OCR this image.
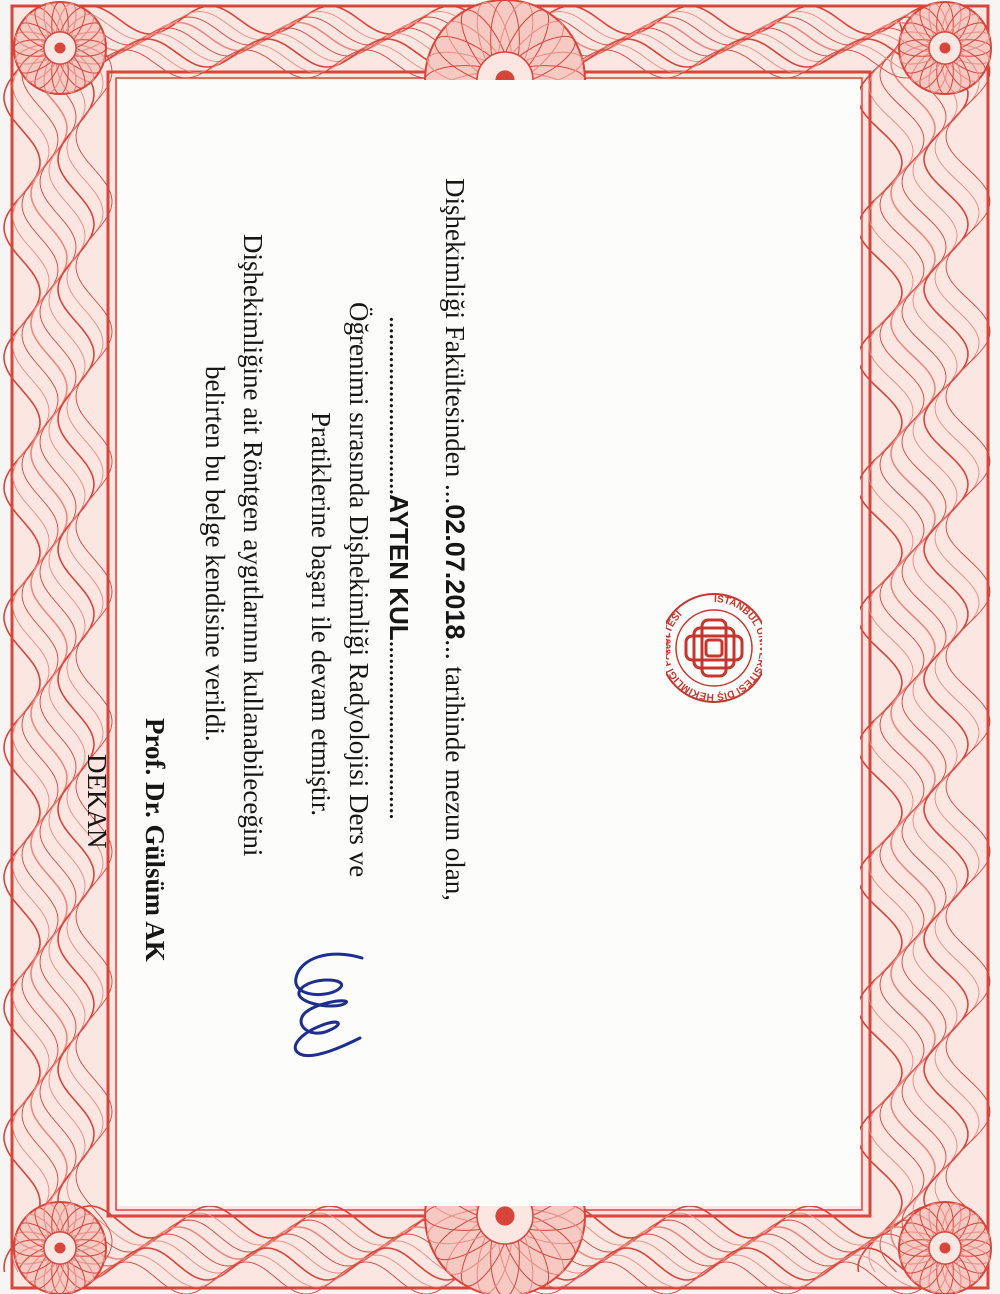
İSTANBUL İTESİ DİŞ HEKİMLİĞİ ESİ
1908
Dişhekimliği Fakültesinden ...02.07.2018... tarihinde mezun olan,
...............................AYTEN KUL...............................
Öğrenimi sırasında Dişhekimliği Radyolojisi Ders ve
Pratiklerine başarı ile devam etmiştir.
Dişhekimliğine ait Röntgen aygıtlarının kullanabileceğini
belirten bu belge kendisine verildi.
Prof. Dr. Gülsüm AK
DEKAN
